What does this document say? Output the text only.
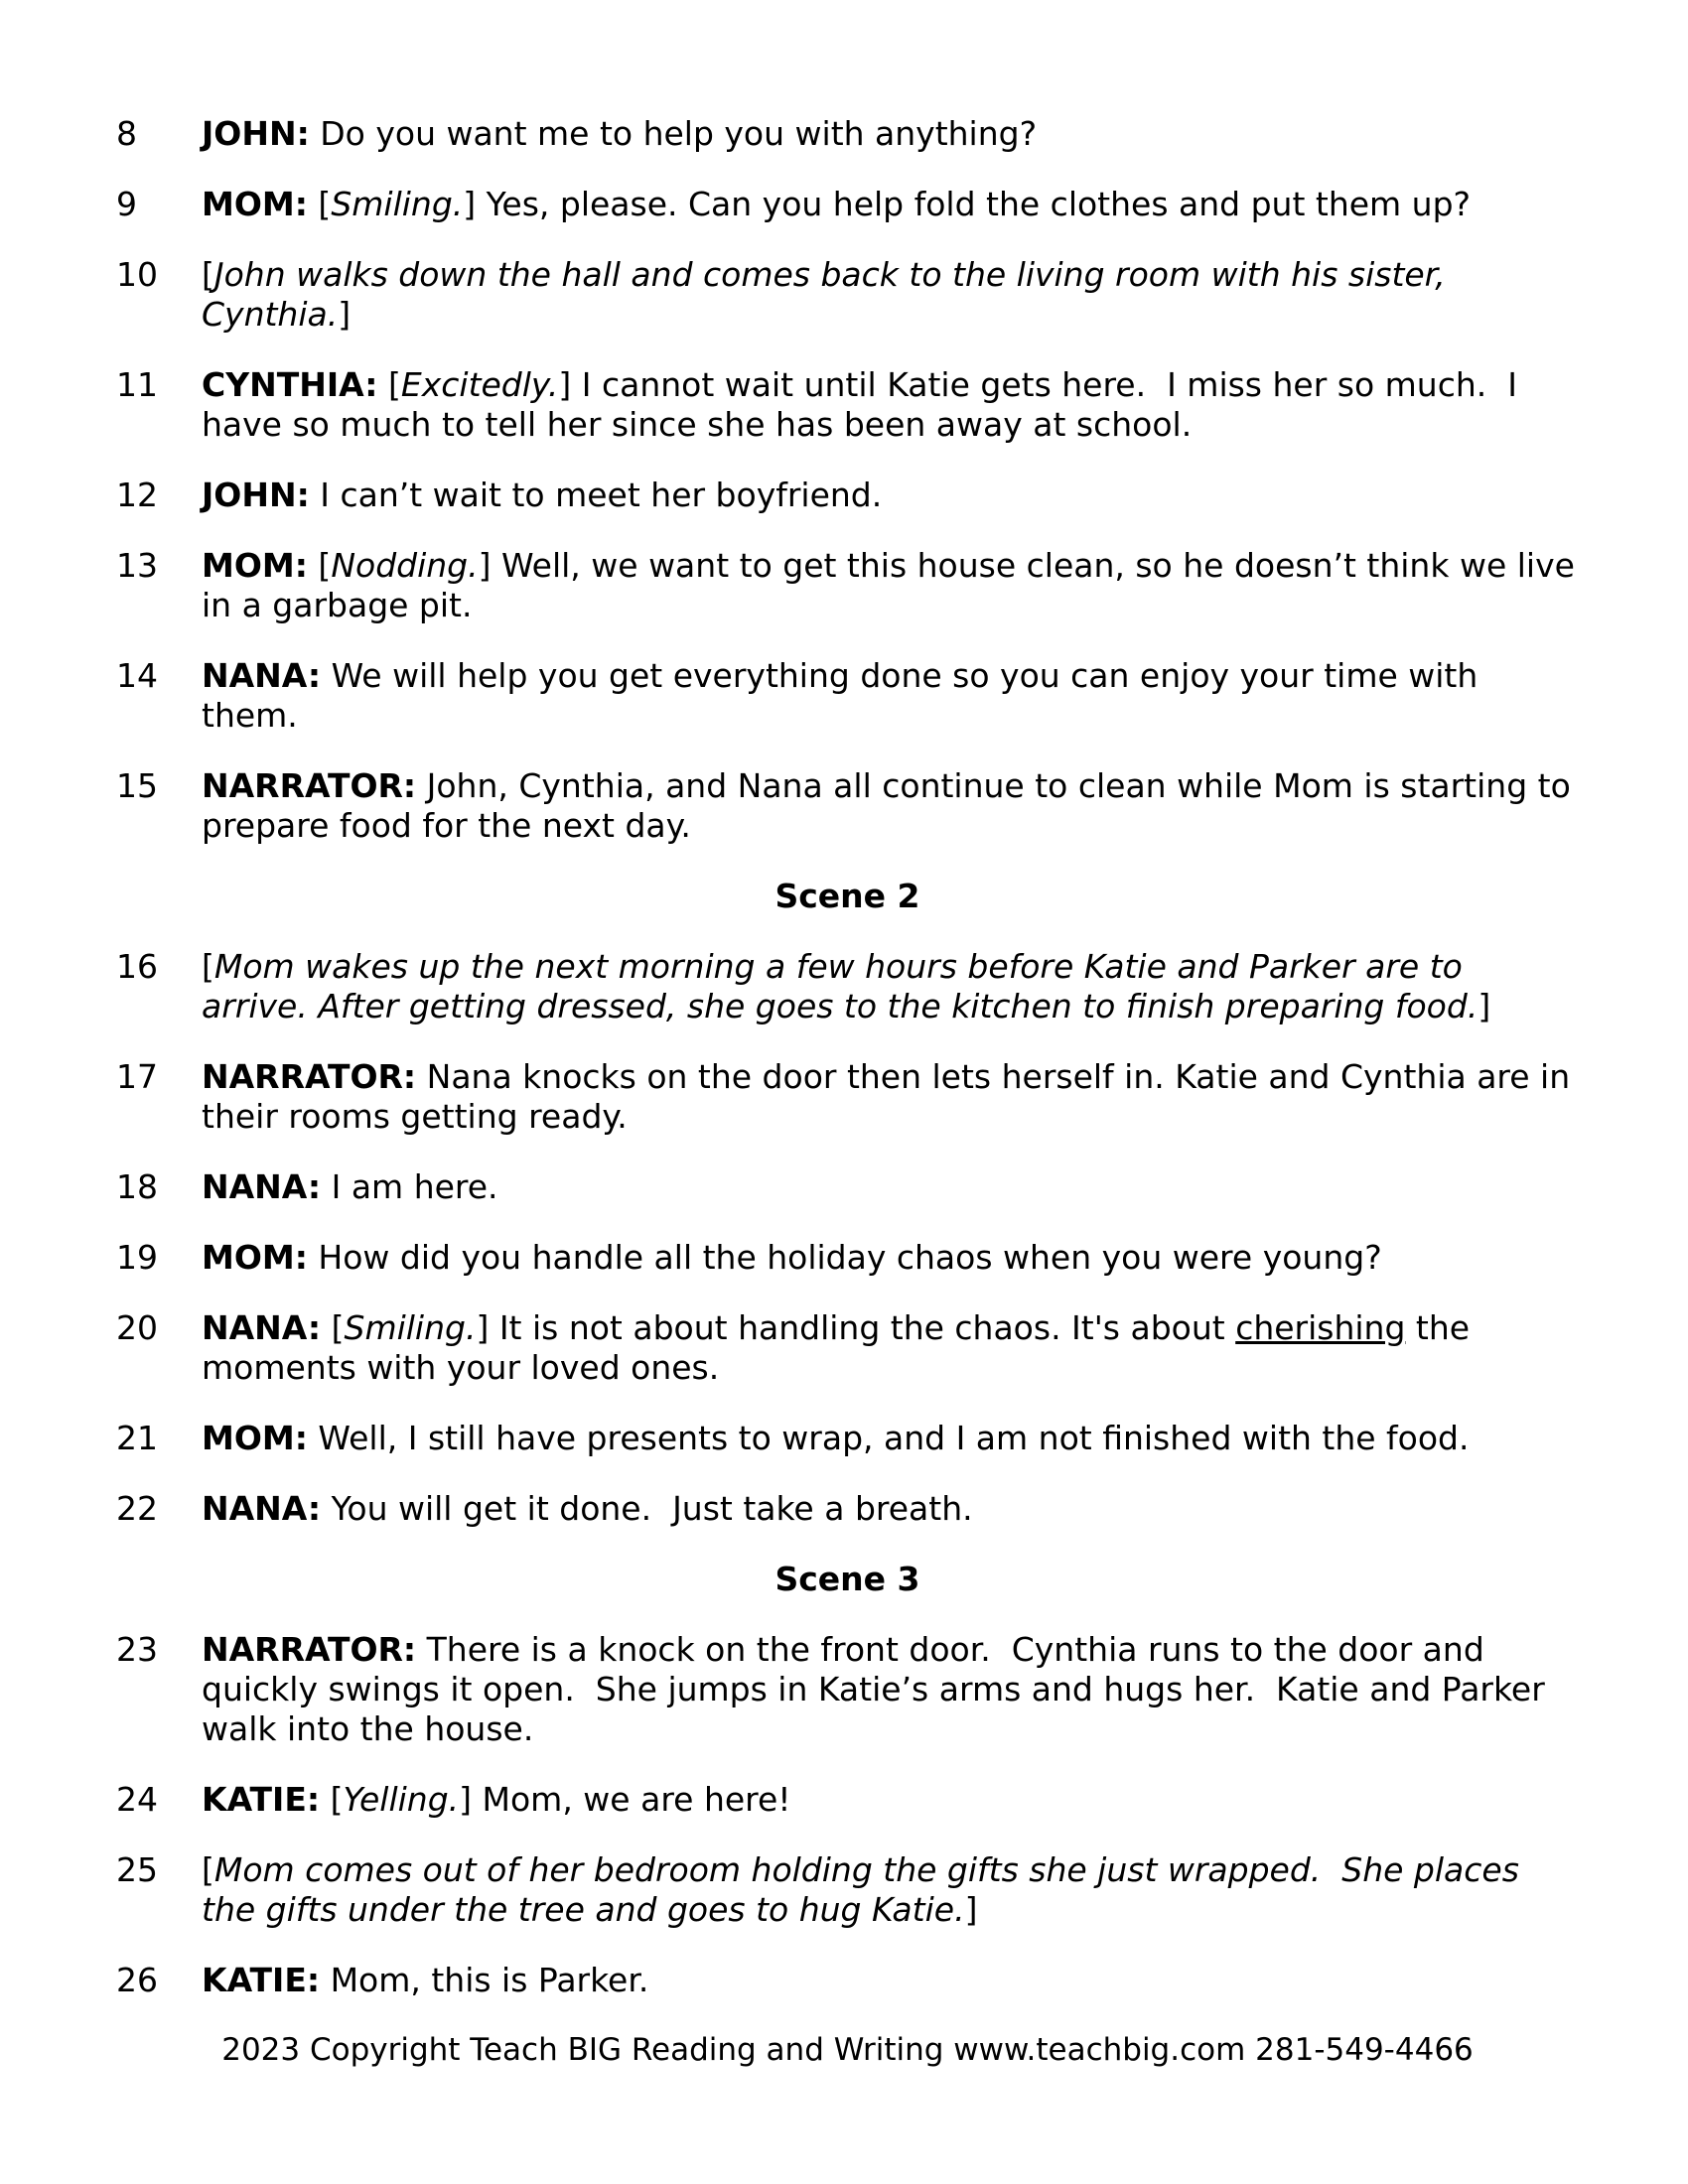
8	JOHN: Do you want me to help you with anything?
9	MOM: [Smiling.] Yes, please. Can you help fold the clothes and put them up?
10	[John walks down the hall and comes back to the living room with his sister, Cynthia.]
11	CYNTHIA: [Excitedly.] I cannot wait until Katie gets here.  I miss her so much.  I have so much to tell her since she has been away at school.
12	JOHN: I can’t wait to meet her boyfriend.
13	MOM: [Nodding.] Well, we want to get this house clean, so he doesn’t think we live in a garbage pit.
14	NANA: We will help you get everything done so you can enjoy your time with them.
15	NARRATOR: John, Cynthia, and Nana all continue to clean while Mom is starting to prepare food for the next day.
Scene 2
16	[Mom wakes up the next morning a few hours before Katie and Parker are to arrive. After getting dressed, she goes to the kitchen to finish preparing food.]
17	NARRATOR: Nana knocks on the door then lets herself in. Katie and Cynthia are in their rooms getting ready.
18	NANA: I am here.
19	MOM: How did you handle all the holiday chaos when you were young?
20	NANA: [Smiling.] It is not about handling the chaos. It's about cherishing the moments with your loved ones.
21	MOM: Well, I still have presents to wrap, and I am not finished with the food.
22	NANA: You will get it done.  Just take a breath.
Scene 3
23	NARRATOR: There is a knock on the front door.  Cynthia runs to the door and quickly swings it open.  She jumps in Katie’s arms and hugs her.  Katie and Parker walk into the house.
24	KATIE: [Yelling.] Mom, we are here!
25	[Mom comes out of her bedroom holding the gifts she just wrapped.  She places the gifts under the tree and goes to hug Katie.]
26	KATIE: Mom, this is Parker.
2023 Copyright Teach BIG Reading and Writing www.teachbig.com 281-549-4466
